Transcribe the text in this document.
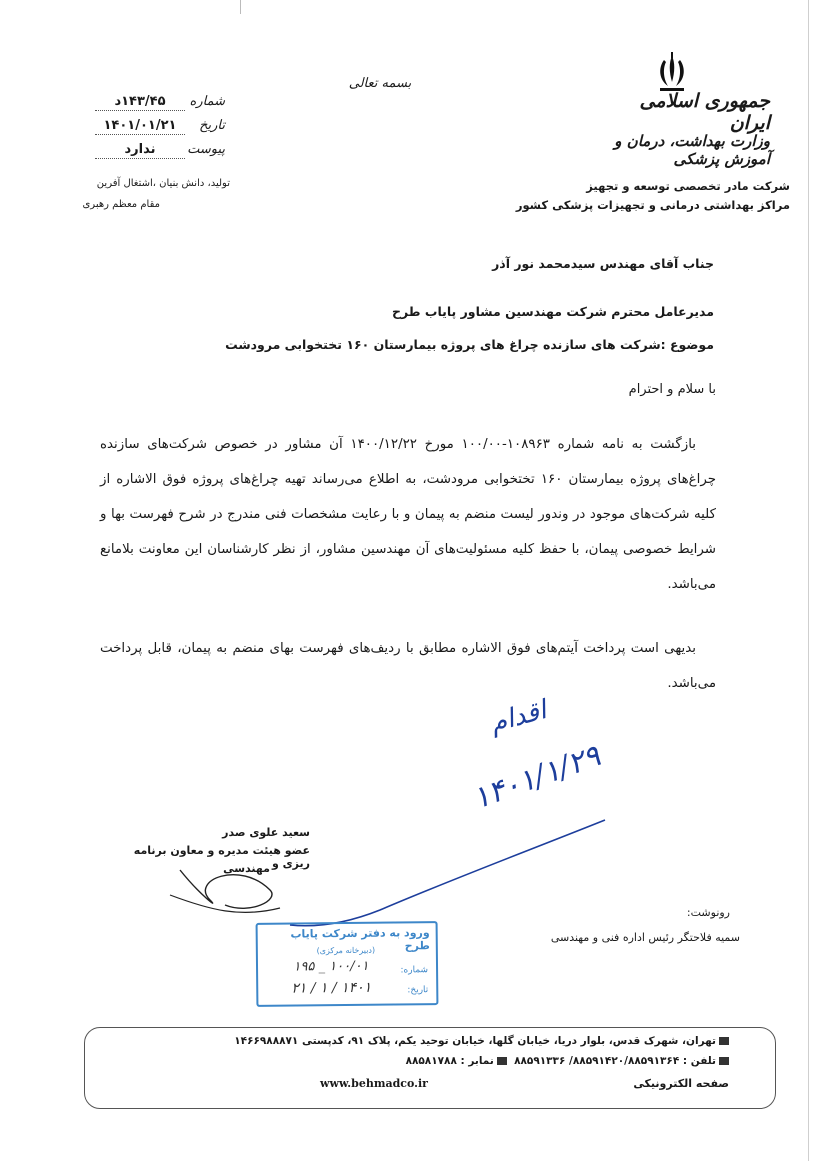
بسمه تعالی
جمهوری اسلامی ایران
وزارت بهداشت، درمان و آموزش پزشکی
شرکت مادر تخصصی توسعه و تجهیز
مراکز بهداشتی درمانی و تجهیزات پزشکی کشور
شماره
۱۴۳/۴۵د
تاریخ
۱۴۰۱/۰۱/۲۱
پیوست
ندارد
تولید، دانش بنیان ،اشتغال آفرین
مقام معظم رهبری
جناب آقای مهندس سیدمحمد نور آذر
مدیرعامل محترم شرکت مهندسین مشاور پایاب طرح
موضوع :شرکت های سازنده چراغ های پروژه بیمارستان ۱۶۰ تختخوابی مرودشت
با سلام و احترام
بازگشت به نامه شماره ۱۰۸۹۶۳-۱۰۰/۰۰ مورخ ۱۴۰۰/۱۲/۲۲ آن مشاور در خصوص شرکت‌های سازنده چراغ‌های پروژه بیمارستان ۱۶۰ تختخوابی مرودشت، به اطلاع می‌رساند تهیه چراغ‌های پروژه فوق الاشاره از کلیه شرکت‌های موجود در وندور لیست منضم به پیمان و با رعایت مشخصات فنی مندرج در شرح فهرست بها و شرایط خصوصی پیمان، با حفظ کلیه مسئولیت‌های آن مهندسین مشاور، از نظر کارشناسان این معاونت بلامانع می‌باشد.
بدیهی است پرداخت آیتم‌های فوق الاشاره مطابق با ردیف‌های فهرست بهای منضم به پیمان، قابل پرداخت می‌باشد.
اقدام
۱۴۰۱/۱/۲۹
سعید علوی صدر
عضو هیئت مدیره و معاون برنامه ریزی و
مهندسی
رونوشت:
سمیه فلاحتگر رئیس اداره فنی و مهندسی
ورود به دفتر شرکت پایاب طرح
(دبیرخانه مرکزی)
شماره:
۱۰۰/۰۱ _ ۱۹۵
تاریخ:
۱۴۰۱ / ۱ / ۲۱
تهران، شهرک قدس، بلوار دریا، خیابان گلها، خیابان توحید یکم، پلاک ۹۱، کدپستی ۱۴۶۶۹۸۸۸۷۱
تلفن : ۸۸۵۹۱۴۲۰/۸۸۵۹۱۳۶۴/ ۸۸۵۹۱۳۳۶  نمابر : ۸۸۵۸۱۷۸۸
صفحه الکترونیکی
www.behmadco.ir
